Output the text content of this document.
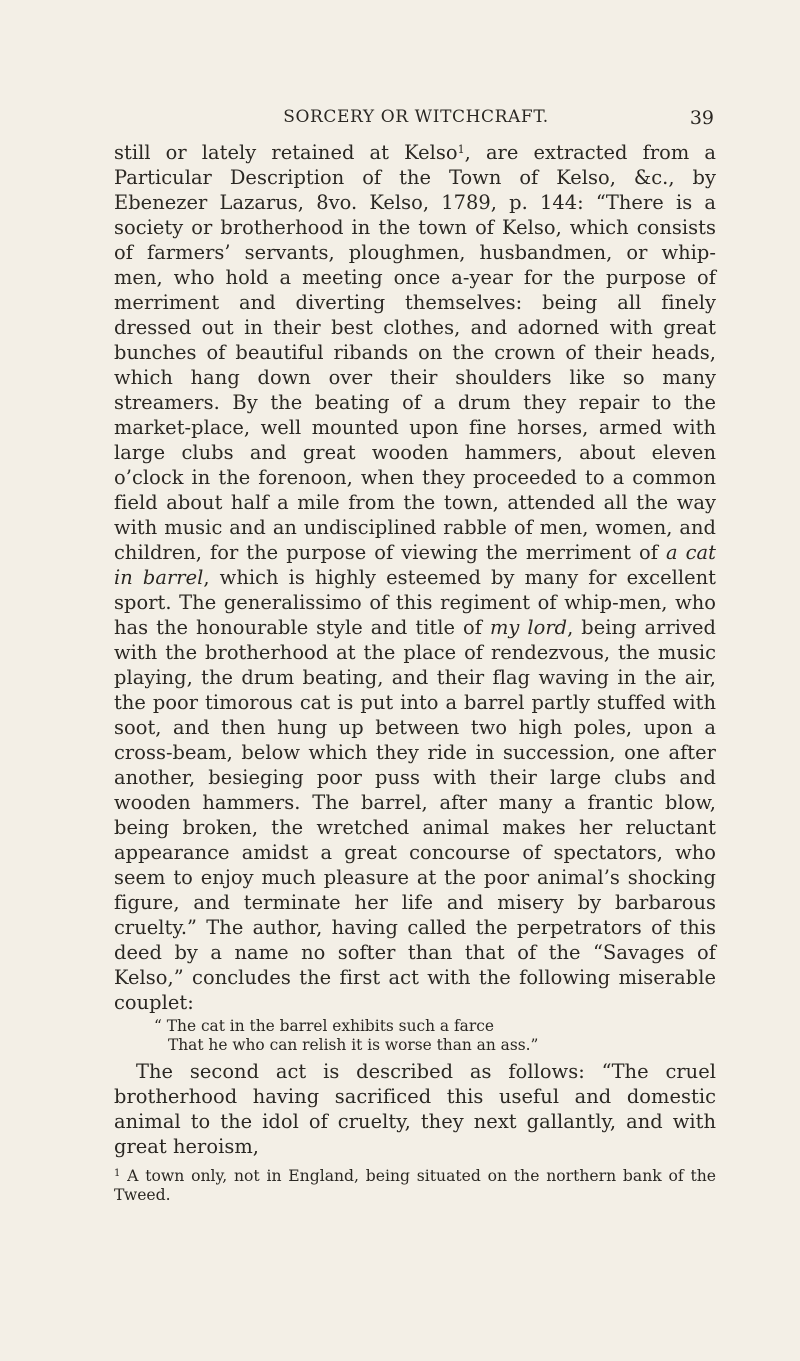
SORCERY OR WITCHCRAFT.	39

still or lately retained at Kelso$^1$, are extracted from a Particular Description of the Town of Kelso, &c., by Ebenezer Lazarus, 8vo. Kelso, 1789, p. 144: “There is a society or brotherhood in the town of Kelso, which consists of farmers’ servants, ploughmen, husbandmen, or whip-men, who hold a meeting once a-year for the purpose of merriment and diverting themselves: being all finely dressed out in their best clothes, and adorned with great bunches of beautiful ribands on the crown of their heads, which hang down over their shoulders like so many streamers. By the beating of a drum they repair to the market-place, well mounted upon fine horses, armed with large clubs and great wooden hammers, about eleven o’clock in the forenoon, when they proceeded to a common field about half a mile from the town, attended all the way with music and an undisciplined rabble of men, women, and children, for the purpose of viewing the merriment of a cat in barrel, which is highly esteemed by many for excellent sport. The generalissimo of this regiment of whip-men, who has the honourable style and title of my lord, being arrived with the brotherhood at the place of rendezvous, the music playing, the drum beating, and their flag waving in the air, the poor timorous cat is put into a barrel partly stuffed with soot, and then hung up between two high poles, upon a cross-beam, below which they ride in succession, one after another, besieging poor puss with their large clubs and wooden hammers. The barrel, after many a frantic blow, being broken, the wretched animal makes her reluctant appearance amidst a great concourse of spectators, who seem to enjoy much pleasure at the poor animal’s shocking figure, and terminate her life and misery by barbarous cruelty.” The author, having called the perpetrators of this deed by a name no softer than that of the “Savages of Kelso,” concludes the first act with the following miserable couplet:

“ The cat in the barrel exhibits such a farce
That he who can relish it is worse than an ass.”

The second act is described as follows: “The cruel brotherhood having sacrificed this useful and domestic animal to the idol of cruelty, they next gallantly, and with great heroism,

$^1$ A town only, not in England, being situated on the northern bank of the Tweed.
